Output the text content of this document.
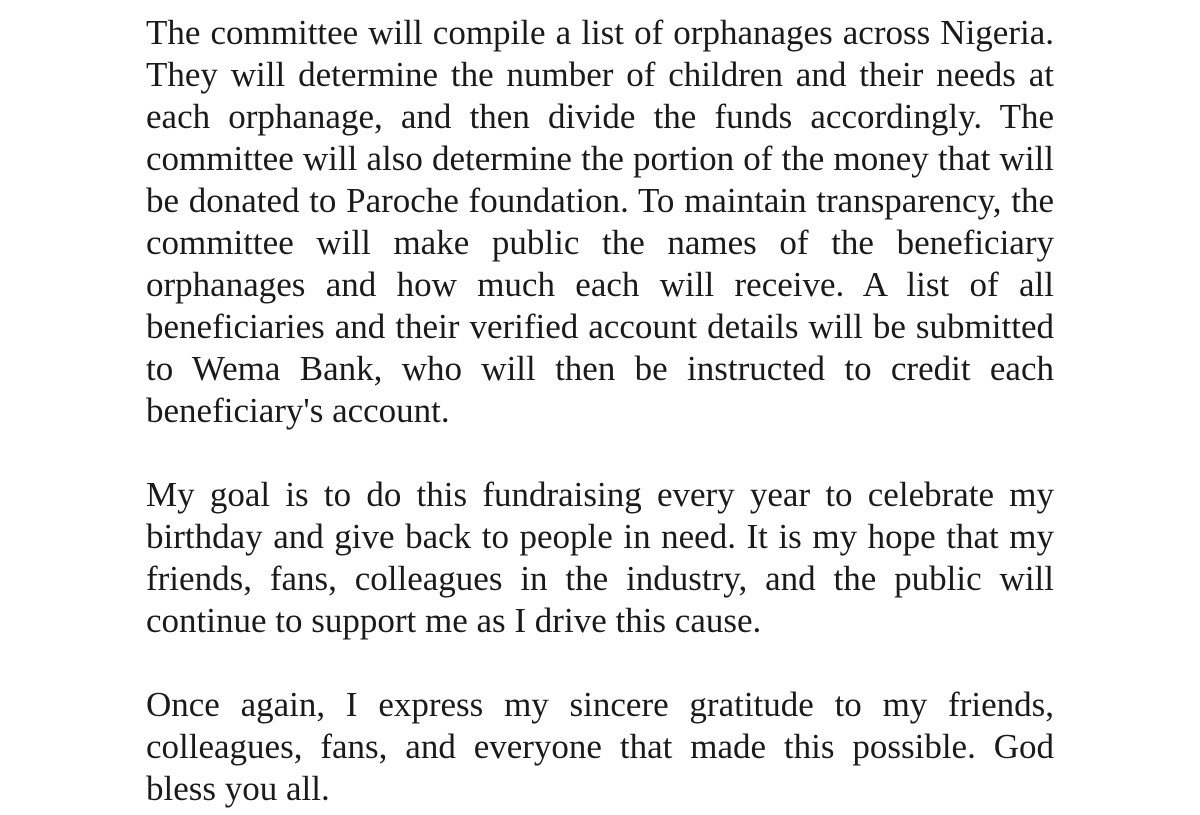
The committee will compile a list of orphanages across Nigeria. They will determine the number of children and their needs at each orphanage, and then divide the funds accordingly. The committee will also determine the portion of the money that will be donated to Paroche foundation. To maintain transparency, the committee will make public the names of the beneficiary orphanages and how much each will receive. A list of all beneficiaries and their verified account details will be submitted to Wema Bank, who will then be instructed to credit each beneficiary's account.

My goal is to do this fundraising every year to celebrate my birthday and give back to people in need. It is my hope that my friends, fans, colleagues in the industry, and the public will continue to support me as I drive this cause.

Once again, I express my sincere gratitude to my friends, colleagues, fans, and everyone that made this possible. God bless you all.
